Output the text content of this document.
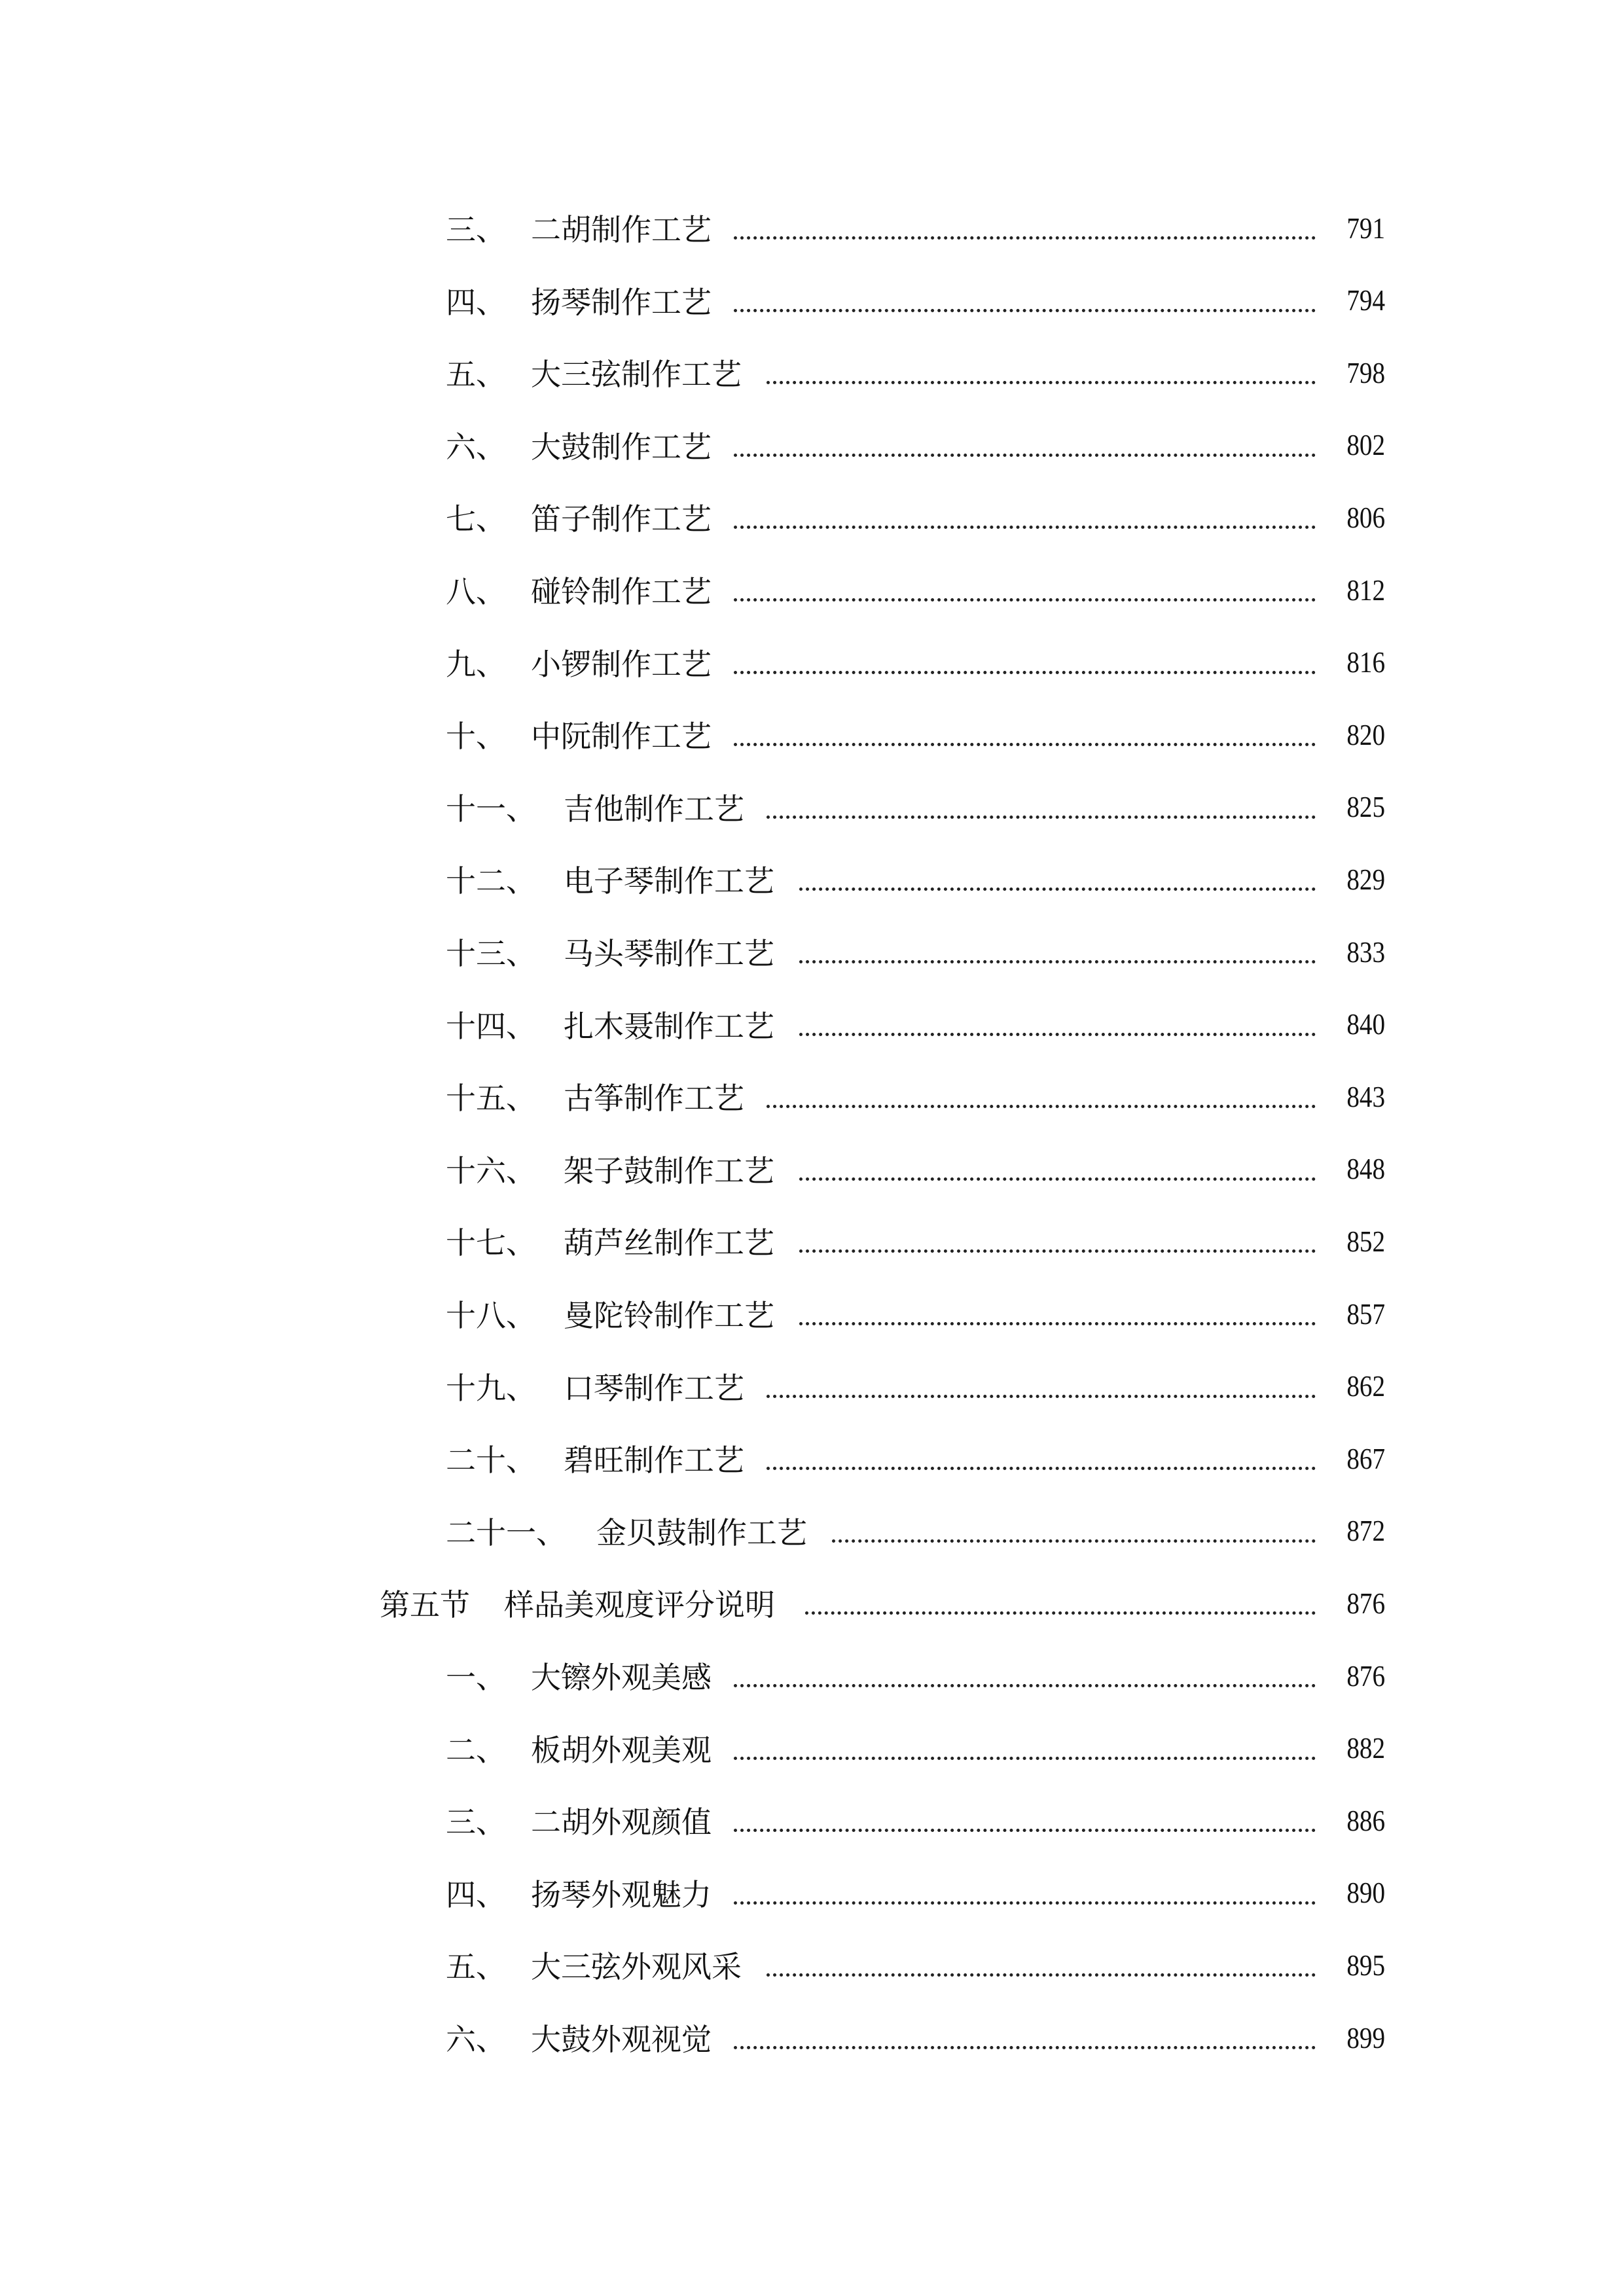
三、 二胡制作工艺	791
四、 扬琴制作工艺	794
五、 大三弦制作工艺	798
六、 大鼓制作工艺	802
七、 笛子制作工艺	806
八、 碰铃制作工艺	812
九、 小锣制作工艺	816
十、 中阮制作工艺	820
十一、 吉他制作工艺	825
十二、 电子琴制作工艺	829
十三、 马头琴制作工艺	833
十四、 扎木聂制作工艺	840
十五、 古筝制作工艺	843
十六、 架子鼓制作工艺	848
十七、 葫芦丝制作工艺	852
十八、 曼陀铃制作工艺	857
十九、 口琴制作工艺	862
二十、 碧旺制作工艺	867
二十一、 金贝鼓制作工艺	872
第五节 样品美观度评分说明	876
一、 大镲外观美感	876
二、 板胡外观美观	882
三、 二胡外观颜值	886
四、 扬琴外观魅力	890
五、 大三弦外观风采	895
六、 大鼓外观视觉	899
